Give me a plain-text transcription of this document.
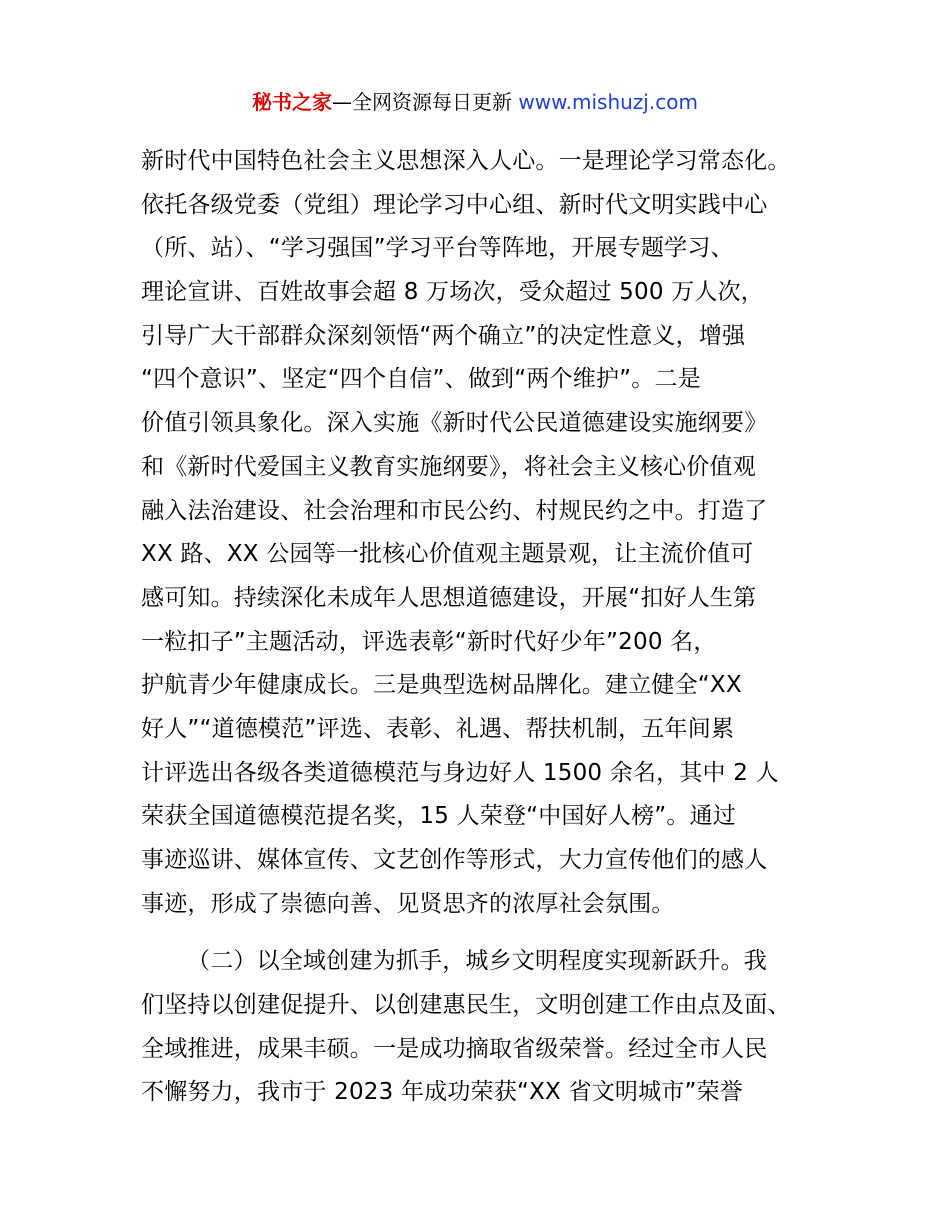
秘书之家—全网资源每日更新 www.mishuzj.com
新时代中国特色社会主义思想深入人心。一是理论学习常态化。
依托各级党委（党组）理论学习中心组、新时代文明实践中心
（所、站）、“学习强国”学习平台等阵地，开展专题学习、
理论宣讲、百姓故事会超 8 万场次，受众超过 500 万人次，
引导广大干部群众深刻领悟“两个确立”的决定性意义，增强
“四个意识”、坚定“四个自信”、做到“两个维护”。二是
价值引领具象化。深入实施《新时代公民道德建设实施纲要》
和《新时代爱国主义教育实施纲要》，将社会主义核心价值观
融入法治建设、社会治理和市民公约、村规民约之中。打造了
XX 路、XX 公园等一批核心价值观主题景观，让主流价值可
感可知。持续深化未成年人思想道德建设，开展“扣好人生第
一粒扣子”主题活动，评选表彰“新时代好少年”200 名，
护航青少年健康成长。三是典型选树品牌化。建立健全“XX
好人”“道德模范”评选、表彰、礼遇、帮扶机制，五年间累
计评选出各级各类道德模范与身边好人 1500 余名，其中 2 人
荣获全国道德模范提名奖，15 人荣登“中国好人榜”。通过
事迹巡讲、媒体宣传、文艺创作等形式，大力宣传他们的感人
事迹，形成了崇德向善、见贤思齐的浓厚社会氛围。
（二）以全域创建为抓手，城乡文明程度实现新跃升。我
们坚持以创建促提升、以创建惠民生，文明创建工作由点及面、
全域推进，成果丰硕。一是成功摘取省级荣誉。经过全市人民
不懈努力，我市于 2023 年成功荣获“XX 省文明城市”荣誉
